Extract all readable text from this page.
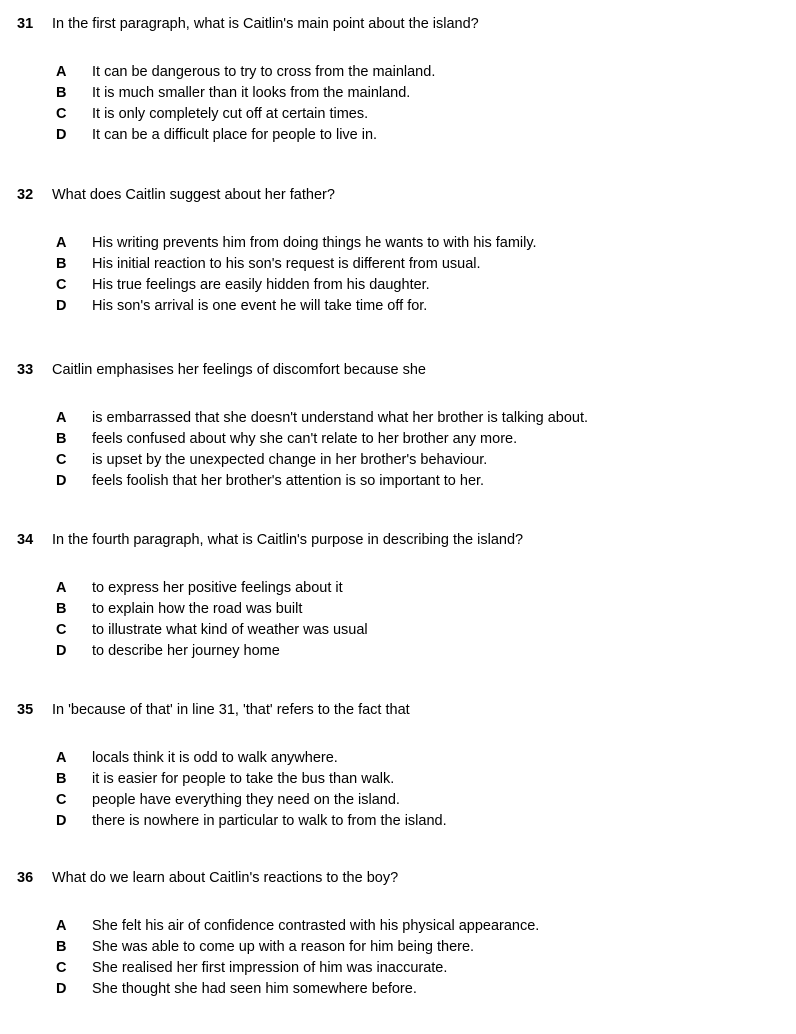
31	In the first paragraph, what is Caitlin's main point about the island?
A	It can be dangerous to try to cross from the mainland.
B	It is much smaller than it looks from the mainland.
C	It is only completely cut off at certain times.
D	It can be a difficult place for people to live in.
32	What does Caitlin suggest about her father?
A	His writing prevents him from doing things he wants to with his family.
B	His initial reaction to his son's request is different from usual.
C	His true feelings are easily hidden from his daughter.
D	His son's arrival is one event he will take time off for.
33	Caitlin emphasises her feelings of discomfort because she
A	is embarrassed that she doesn't understand what her brother is talking about.
B	feels confused about why she can't relate to her brother any more.
C	is upset by the unexpected change in her brother's behaviour.
D	feels foolish that her brother's attention is so important to her.
34	In the fourth paragraph, what is Caitlin's purpose in describing the island?
A	to express her positive feelings about it
B	to explain how the road was built
C	to illustrate what kind of weather was usual
D	to describe her journey home
35	In 'because of that' in line 31, 'that' refers to the fact that
A	locals think it is odd to walk anywhere.
B	it is easier for people to take the bus than walk.
C	people have everything they need on the island.
D	there is nowhere in particular to walk to from the island.
36	What do we learn about Caitlin's reactions to the boy?
A	She felt his air of confidence contrasted with his physical appearance.
B	She was able to come up with a reason for him being there.
C	She realised her first impression of him was inaccurate.
D	She thought she had seen him somewhere before.
